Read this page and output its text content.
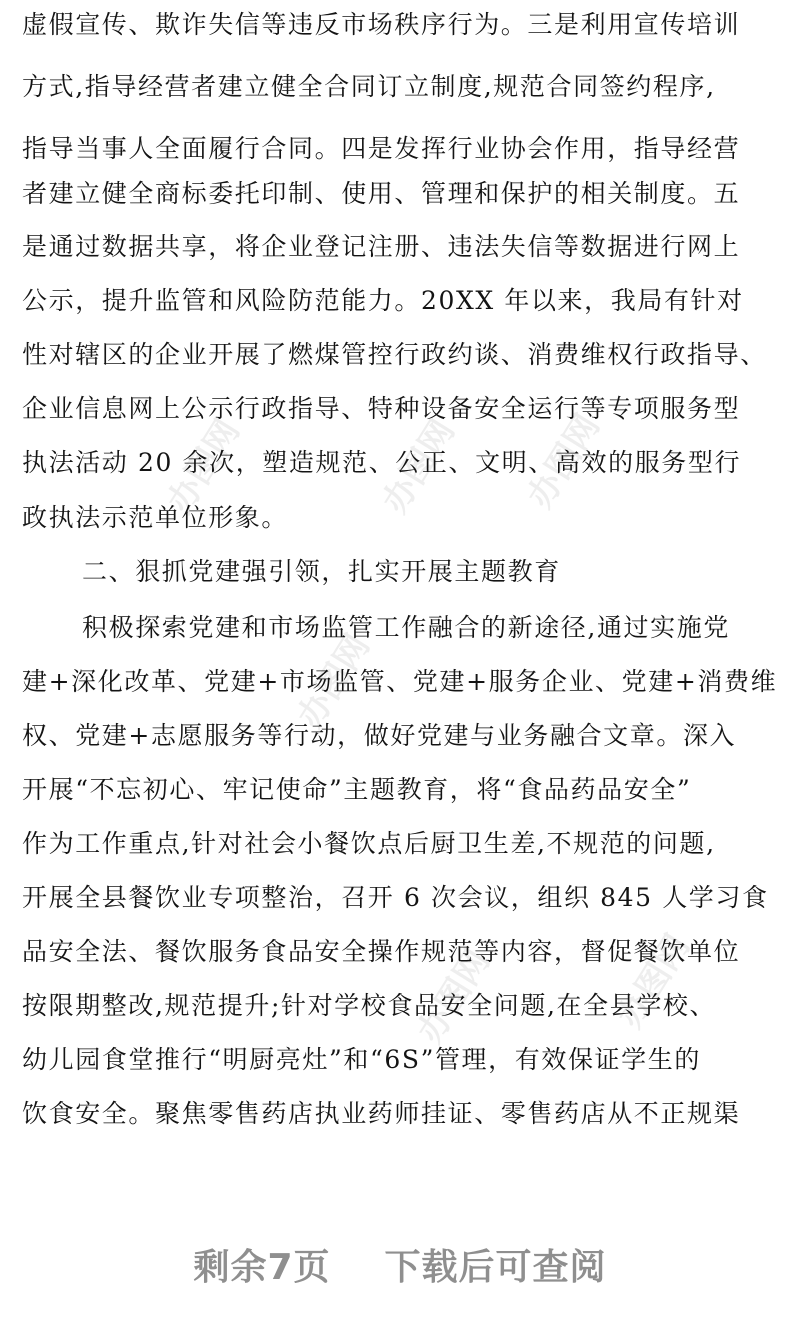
办图网	办图网 办图网
办图网
办图网	办图网
虚假宣传、欺诈失信等违反市场秩序行为。三是利用宣传培训
方式,指导经营者建立健全合同订立制度,规范合同签约程序,
指导当事人全面履行合同。四是发挥行业协会作用，指导经营
者建立健全商标委托印制、使用、管理和保护的相关制度。五
是通过数据共享，将企业登记注册、违法失信等数据进行网上
公示，提升监管和风险防范能力。20XX 年以来，我局有针对
性对辖区的企业开展了燃煤管控行政约谈、消费维权行政指导、
企业信息网上公示行政指导、特种设备安全运行等专项服务型
执法活动 20 余次，塑造规范、公正、文明、高效的服务型行
政执法示范单位形象。
二、狠抓党建强引领，扎实开展主题教育
积极探索党建和市场监管工作融合的新途径,通过实施党
建+深化改革、党建+市场监管、党建+服务企业、党建+消费维
权、党建+志愿服务等行动，做好党建与业务融合文章。深入
开展“不忘初心、牢记使命”主题教育，将“食品药品安全”
作为工作重点,针对社会小餐饮点后厨卫生差,不规范的问题,
开展全县餐饮业专项整治，召开 6 次会议，组织 845 人学习食
品安全法、餐饮服务食品安全操作规范等内容，督促餐饮单位
按限期整改,规范提升;针对学校食品安全问题,在全县学校、
幼儿园食堂推行“明厨亮灶”和“6S”管理，有效保证学生的
饮食安全。聚焦零售药店执业药师挂证、零售药店从不正规渠
剩余7页 下载后可查阅
